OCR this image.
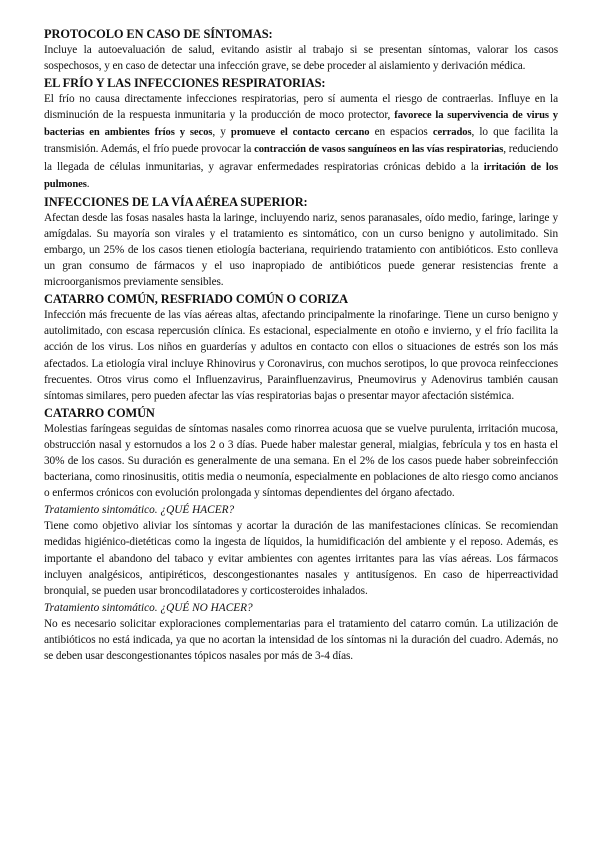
PROTOCOLO EN CASO DE SÍNTOMAS:

Incluye la autoevaluación de salud, evitando asistir al trabajo si se presentan síntomas, valorar los casos sospechosos, y en caso de detectar una infección grave, se debe proceder al aislamiento y derivación médica.

EL FRÍO Y LAS INFECCIONES RESPIRATORIAS:

El frío no causa directamente infecciones respiratorias, pero sí aumenta el riesgo de contraerlas. Influye en la disminución de la respuesta inmunitaria y la producción de moco protector, favorece la supervivencia de virus y bacterias en ambientes fríos y secos, y promueve el contacto cercano en espacios cerrados, lo que facilita la transmisión. Además, el frío puede provocar la contracción de vasos sanguíneos en las vías respiratorias, reduciendo la llegada de células inmunitarias, y agravar enfermedades respiratorias crónicas debido a la irritación de los pulmones.

INFECCIONES DE LA VÍA AÉREA SUPERIOR:

Afectan desde las fosas nasales hasta la laringe, incluyendo nariz, senos paranasales, oído medio, faringe, laringe y amígdalas. Su mayoría son virales y el tratamiento es sintomático, con un curso benigno y autolimitado. Sin embargo, un 25% de los casos tienen etiología bacteriana, requiriendo tratamiento con antibióticos. Esto conlleva un gran consumo de fármacos y el uso inapropiado de antibióticos puede generar resistencias frente a microorganismos previamente sensibles.

CATARRO COMÚN, RESFRIADO COMÚN O CORIZA

Infección más frecuente de las vías aéreas altas, afectando principalmente la rinofaringe. Tiene un curso benigno y autolimitado, con escasa repercusión clínica. Es estacional, especialmente en otoño e invierno, y el frío facilita la acción de los virus. Los niños en guarderías y adultos en contacto con ellos o situaciones de estrés son los más afectados. La etiología viral incluye Rhinovirus y Coronavirus, con muchos serotipos, lo que provoca reinfecciones frecuentes. Otros virus como el Influenzavirus, Parainfluenzavirus, Pneumovirus y Adenovirus también causan síntomas similares, pero pueden afectar las vías respiratorias bajas o presentar mayor afectación sistémica.

CATARRO COMÚN

Molestias faríngeas seguidas de síntomas nasales como rinorrea acuosa que se vuelve purulenta, irritación mucosa, obstrucción nasal y estornudos a los 2 o 3 días. Puede haber malestar general, mialgias, febrícula y tos en hasta el 30% de los casos. Su duración es generalmente de una semana. En el 2% de los casos puede haber sobreinfección bacteriana, como rinosinusitis, otitis media o neumonía, especialmente en poblaciones de alto riesgo como ancianos o enfermos crónicos con evolución prolongada y síntomas dependientes del órgano afectado.

Tratamiento sintomático. ¿QUÉ HACER?

Tiene como objetivo aliviar los síntomas y acortar la duración de las manifestaciones clínicas. Se recomiendan medidas higiénico-dietéticas como la ingesta de líquidos, la humidificación del ambiente y el reposo. Además, es importante el abandono del tabaco y evitar ambientes con agentes irritantes para las vías aéreas. Los fármacos incluyen analgésicos, antipiréticos, descongestionantes nasales y antitusígenos. En caso de hiperreactividad bronquial, se pueden usar broncodilatadores y corticosteroides inhalados.

Tratamiento sintomático. ¿QUÉ NO HACER?

No es necesario solicitar exploraciones complementarias para el tratamiento del catarro común. La utilización de antibióticos no está indicada, ya que no acortan la intensidad de los síntomas ni la duración del cuadro. Además, no se deben usar descongestionantes tópicos nasales por más de 3-4 días.
